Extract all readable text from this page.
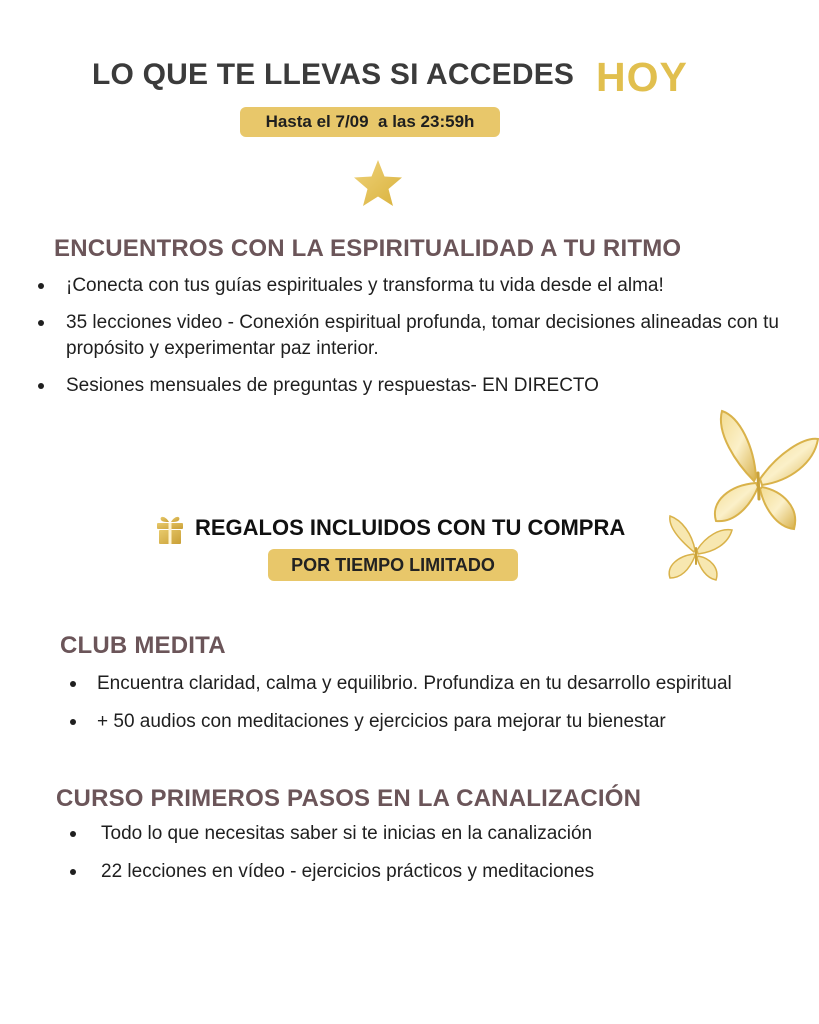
LO QUE TE LLEVAS SI ACCEDES HOY
Hasta el 7/09  a las 23:59h
ENCUENTROS CON LA ESPIRITUALIDAD A TU RITMO
¡Conecta con tus guías espirituales y transforma tu vida desde el alma!
35 lecciones video - Conexión espiritual profunda, tomar decisiones alineadas con tu propósito y experimentar paz interior.
Sesiones mensuales de preguntas y respuestas- EN DIRECTO
REGALOS INCLUIDOS CON TU COMPRA
POR TIEMPO LIMITADO
CLUB MEDITA
Encuentra claridad, calma y equilibrio. Profundiza en tu desarrollo espiritual
+ 50 audios con meditaciones y ejercicios para mejorar tu bienestar
CURSO PRIMEROS PASOS EN LA CANALIZACIÓN
Todo lo que necesitas saber si te inicias en la canalización
22 lecciones en vídeo - ejercicios prácticos y meditaciones
